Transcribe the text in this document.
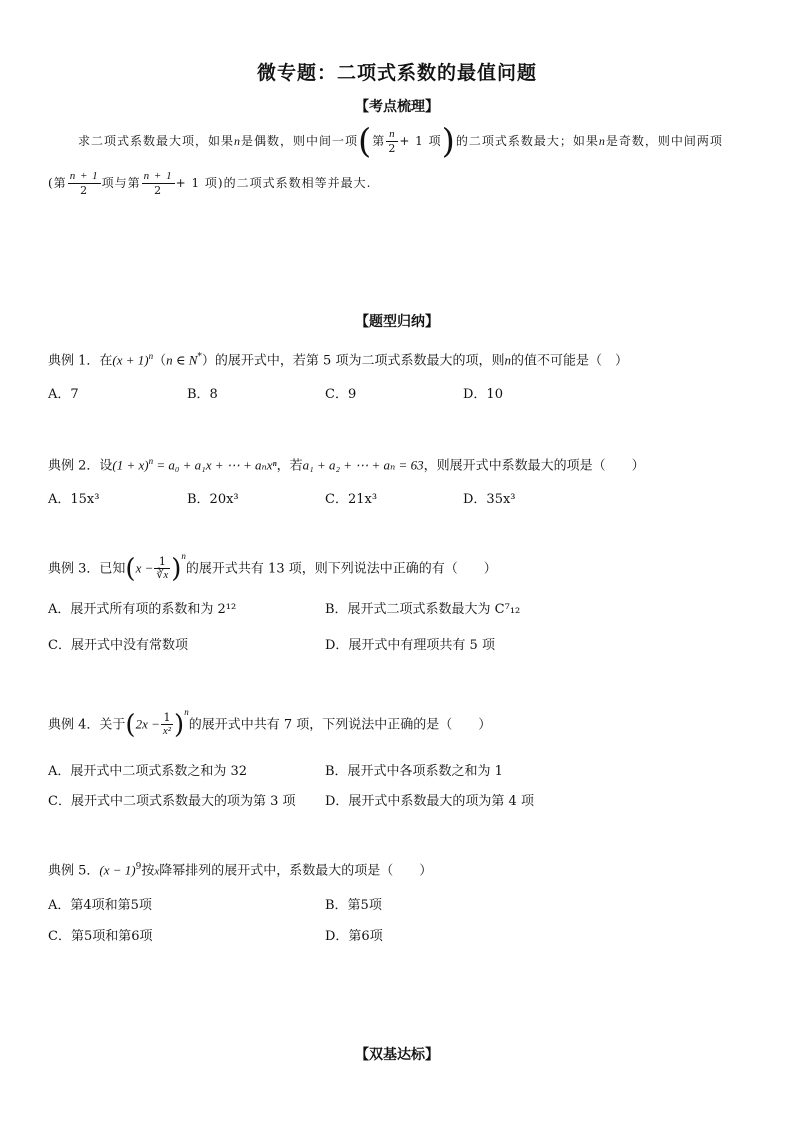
微专题：二项式系数的最值问题
【考点梳理】
求二项式系数最大项，如果n是偶数，则中间一项(第 $\frac{n}{2} + 1$ 项)的二项式系数最大；如果n是奇数，则中间两项
(第 $\frac{n + 1}{2}$ 项与第 $\frac{n + 1}{2} + 1$ 项)的二项式系数相等并最大.
【题型归纳】
典例 1．在$(x + 1)^n(n$ ∈ N*）的展开式中，若第 5 项为二项式系数最大的项，则n的值不可能是（　）
A．7	B．8	C．9	D．10
典例 2．设$(1 + x)^n = a_0 + a_1x$ + ⋯ + aₙxⁿ，若a₁ + a₂ + ⋯ + aₙ = 63，则展开式中系数最大的项是（　　）
A．15x³	B．20x³	C．21x³	D．35x³
典例 3．已知$(x - \frac{1}{∛x} )^n$的展开式共有 13 项，则下列说法中正确的有（　　）
A．展开式所有项的系数和为 2¹²	B．展开式二项式系数最大为 C⁷₁₂
C．展开式中没有常数项	D．展开式中有理项共有 5 项
典例 4．关于$(2x - \frac{1}{\text{x²}} )^n$的展开式中共有 7 项，下列说法中正确的是（　　）
A．展开式中二项式系数之和为 32	B．展开式中各项系数之和为 1
C．展开式中二项式系数最大的项为第 3 项 D．展开式中系数最大的项为第 4 项
典例 5．$(x - 1)^9$按x降幂排列的展开式中，系数最大的项是（　　）
A．第4项和第5项	B．第5项
C．第5项和第6项	D．第6项
【双基达标】
